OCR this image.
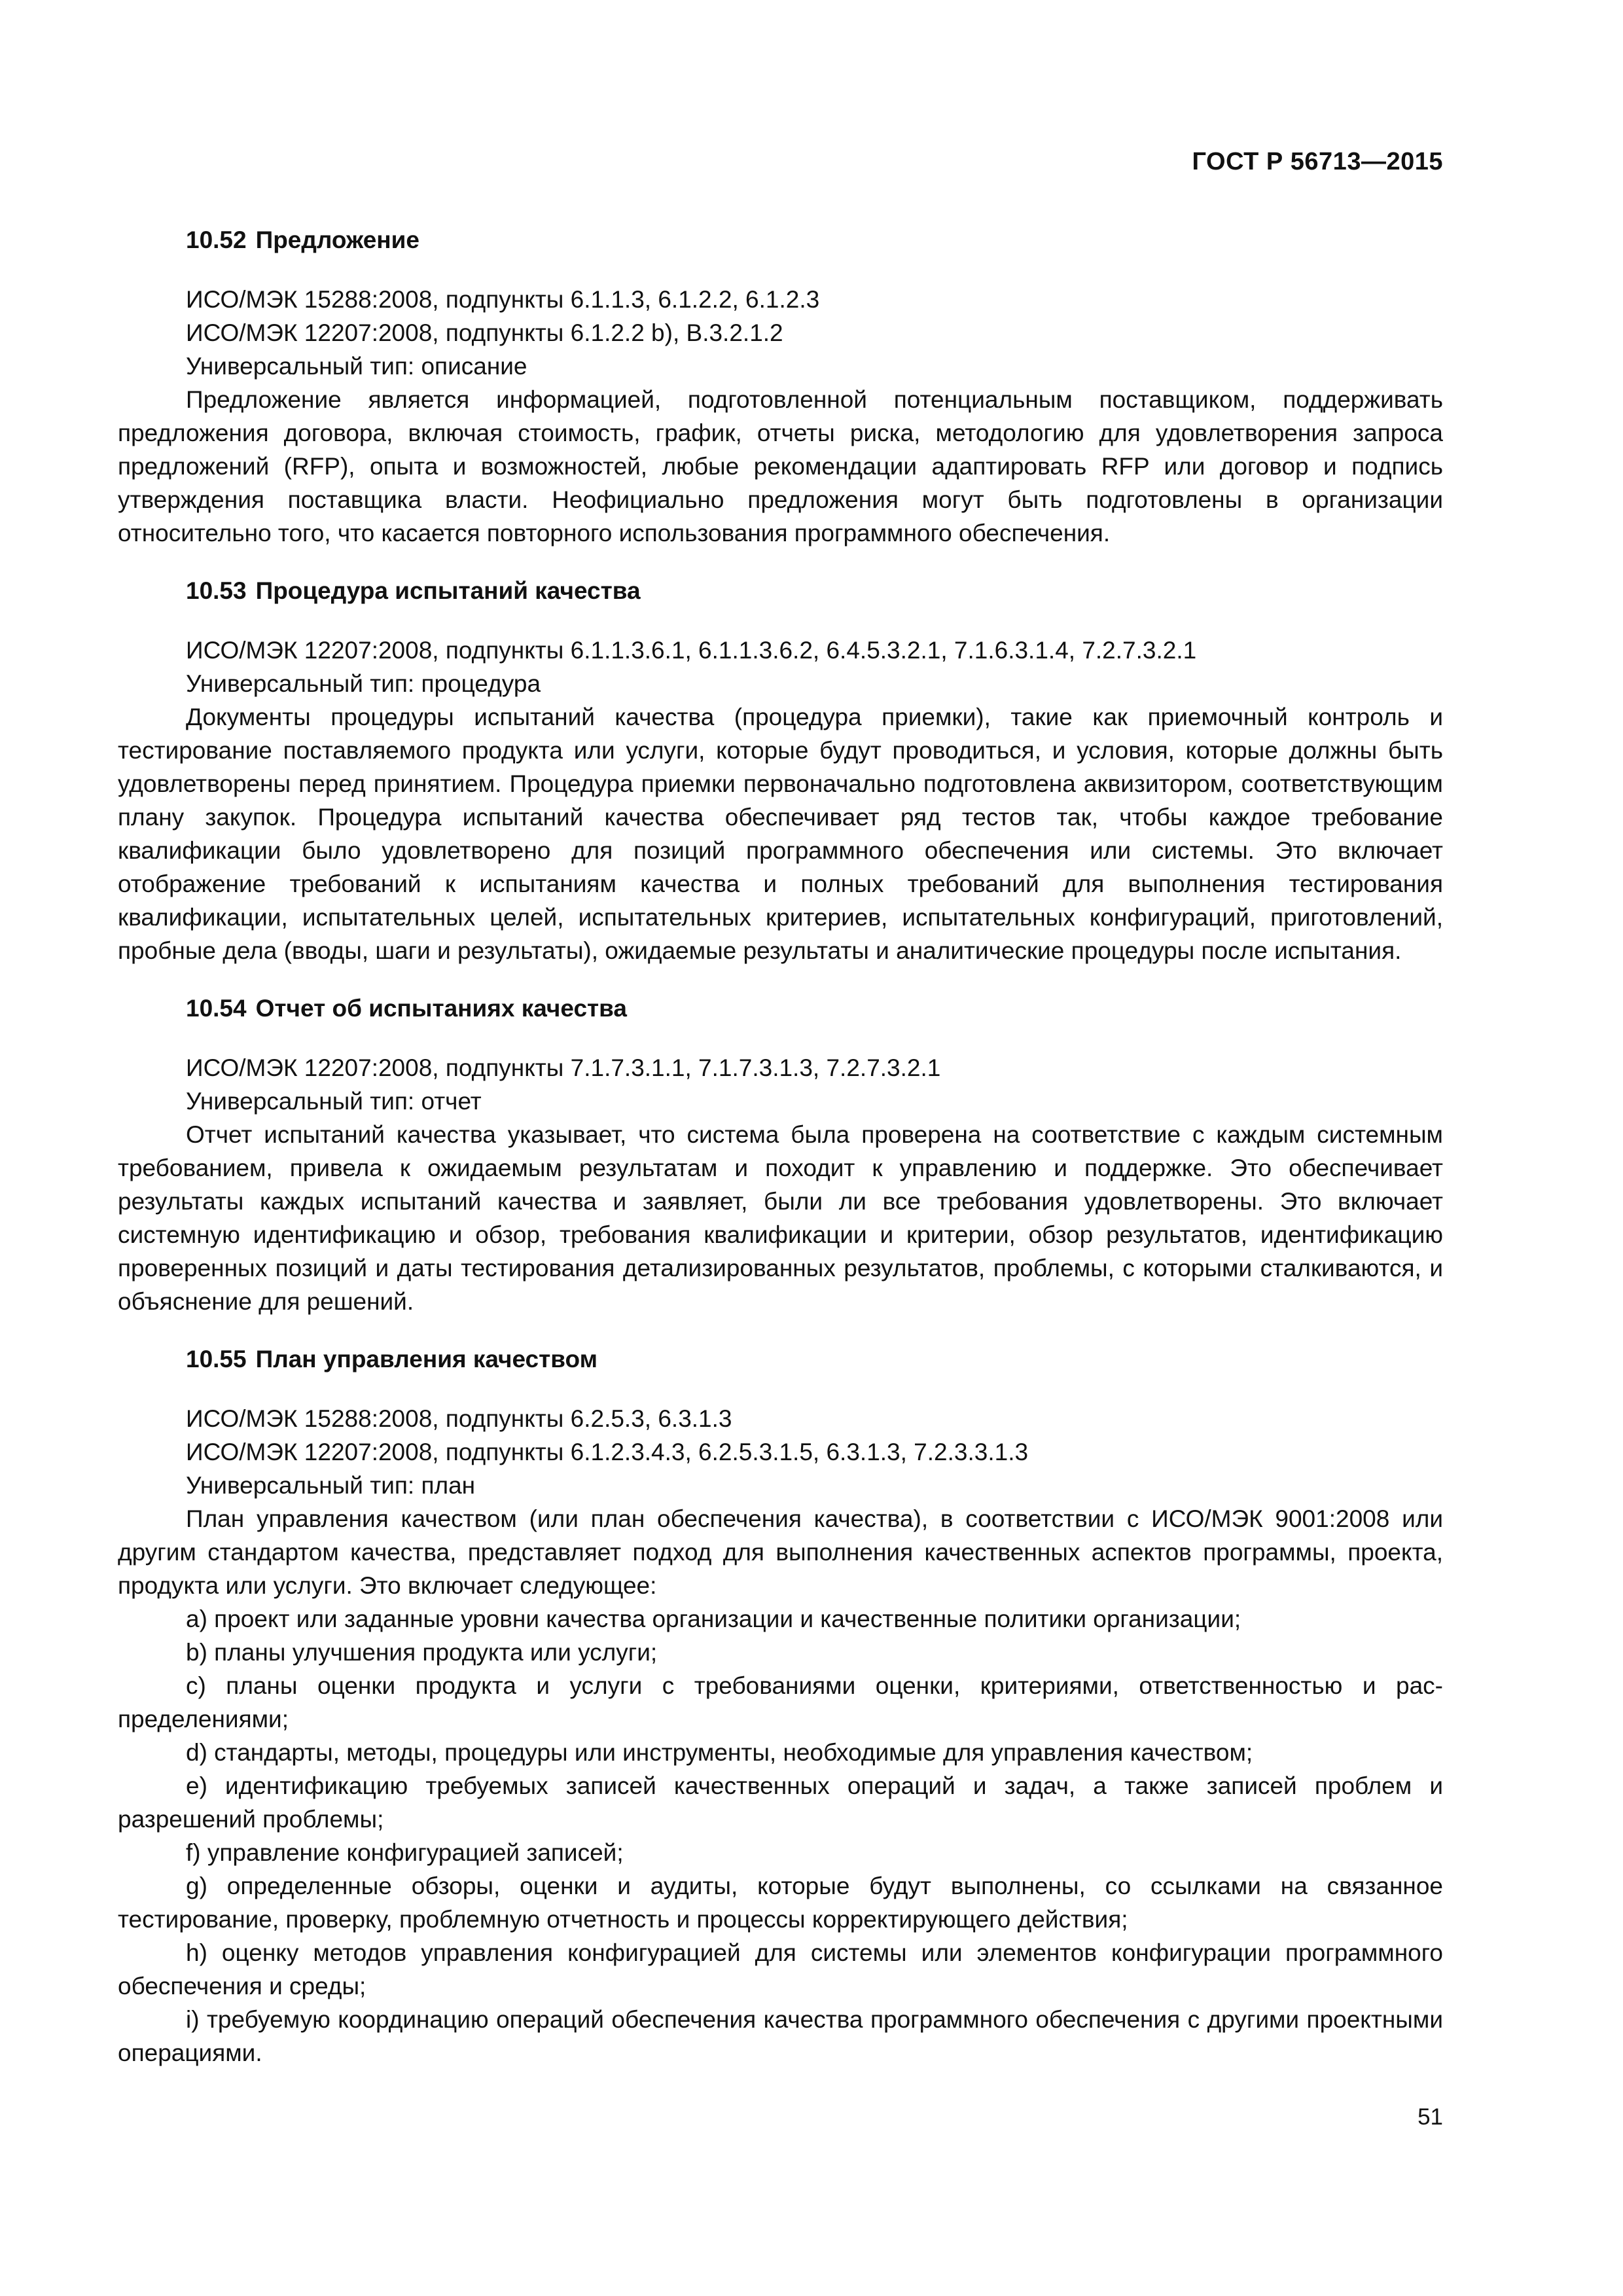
ГОСТ Р 56713—2015
10.52 Предложение

ИСО/МЭК 15288:2008, подпункты 6.1.1.3, 6.1.2.2, 6.1.2.3

ИСО/МЭК 12207:2008, подпункты 6.1.2.2 b), B.3.2.1.2

Универсальный тип: описание

Предложение является информацией, подготовленной потенциальным поставщиком, поддерживать предложения договора, включая стоимость, график, отчеты риска, методологию для удовлетворения запроса предложений (RFP), опыта и возможностей, любые рекомендации адаптировать RFP или договор и подпись утверждения поставщика власти. Неофициально предложения могут быть подготовлены в организации относительно того, что касается повторного использования программного обеспечения.

10.53 Процедура испытаний качества

ИСО/МЭК 12207:2008, подпункты 6.1.1.3.6.1, 6.1.1.3.6.2, 6.4.5.3.2.1, 7.1.6.3.1.4, 7.2.7.3.2.1

Универсальный тип: процедура

Документы процедуры испытаний качества (процедура приемки), такие как приемочный контроль и тестирование поставляемого продукта или услуги, которые будут проводиться, и условия, которые должны быть удовлетворены перед принятием. Процедура приемки первоначально подготовлена аквизитором, соответствующим плану закупок. Процедура испытаний качества обеспечивает ряд тестов так, чтобы каждое требование квалификации было удовлетворено для позиций программного обеспечения или системы. Это включает отображение требований к испытаниям качества и полных требований для выполнения тестирования квалификации, испытательных целей, испытательных критериев, испытательных конфигураций, приготовлений, пробные дела (вводы, шаги и результаты), ожидаемые результаты и аналитические процедуры после испытания.

10.54 Отчет об испытаниях качества

ИСО/МЭК 12207:2008, подпункты 7.1.7.3.1.1, 7.1.7.3.1.3, 7.2.7.3.2.1

Универсальный тип: отчет

Отчет испытаний качества указывает, что система была проверена на соответствие с каждым системным требованием, привела к ожидаемым результатам и походит к управлению и поддержке. Это обеспечивает результаты каждых испытаний качества и заявляет, были ли все требования удовлетворены. Это включает системную идентификацию и обзор, требования квалификации и критерии, обзор результатов, идентификацию проверенных позиций и даты тестирования детализированных результатов, проблемы, с которыми сталкиваются, и объяснение для решений.

10.55 План управления качеством

ИСО/МЭК 15288:2008, подпункты 6.2.5.3, 6.3.1.3

ИСО/МЭК 12207:2008, подпункты 6.1.2.3.4.3, 6.2.5.3.1.5, 6.3.1.3, 7.2.3.3.1.3

Универсальный тип: план

План управления качеством (или план обеспечения качества), в соответствии с ИСО/МЭК 9001:2008 или другим стандартом качества, представляет подход для выполнения качественных аспектов программы, проекта, продукта или услуги. Это включает следующее:

a) проект или заданные уровни качества организации и качественные политики организации;

b) планы улучшения продукта или услуги;

c) планы оценки продукта и услуги с требованиями оценки, критериями, ответственностью и распределениями;

d) стандарты, методы, процедуры или инструменты, необходимые для управления качеством;

e) идентификацию требуемых записей качественных операций и задач, а также записей проблем и разрешений проблемы;

f) управление конфигурацией записей;

g) определенные обзоры, оценки и аудиты, которые будут выполнены, со ссылками на связанное тестирование, проверку, проблемную отчетность и процессы корректирующего действия;

h) оценку методов управления конфигурацией для системы или элементов конфигурации программного обеспечения и среды;

i) требуемую координацию операций обеспечения качества программного обеспечения с другими проектными операциями.

51
